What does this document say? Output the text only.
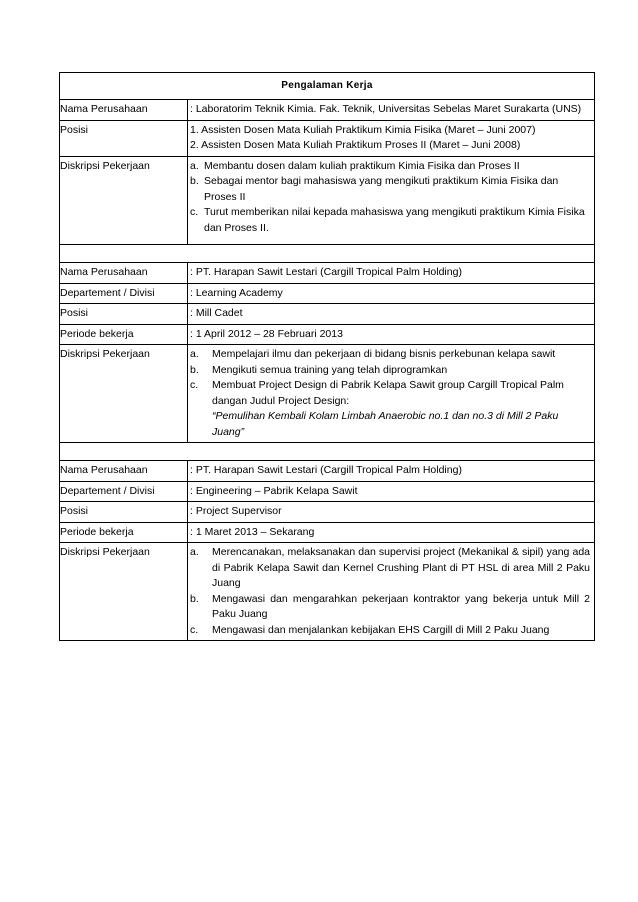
Pengalaman Kerja
Nama Perusahaan	: Laboratorim Teknik Kimia. Fak. Teknik, Universitas Sebelas Maret Surakarta (UNS)
Posisi	1. Assisten Dosen Mata Kuliah Praktikum Kimia Fisika (Maret – Juni 2007)
2. Assisten Dosen Mata Kuliah Praktikum Proses II (Maret – Juni 2008)
Diskripsi Pekerjaan	a. Membantu dosen dalam kuliah praktikum Kimia Fisika dan Proses II
b. Sebagai mentor bagi mahasiswa yang mengikuti praktikum Kimia Fisika dan Proses II
c. Turut memberikan nilai kepada mahasiswa yang mengikuti praktikum Kimia Fisika dan Proses II.
Nama Perusahaan	: PT. Harapan Sawit Lestari (Cargill Tropical Palm Holding)
Departement / Divisi	: Learning Academy
Posisi	: Mill Cadet
Periode bekerja	: 1 April 2012 – 28 Februari 2013
Diskripsi Pekerjaan	a.	Mempelajari ilmu dan pekerjaan di bidang bisnis perkebunan kelapa sawit
b.	Mengikuti semua training yang telah diprogramkan
c.	Membuat Project Design di Pabrik Kelapa Sawit group Cargill Tropical Palm dangan Judul Project Design:
“Pemulihan Kembali Kolam Limbah Anaerobic no.1 dan no.3 di Mill 2 Paku Juang”
Nama Perusahaan	: PT. Harapan Sawit Lestari (Cargill Tropical Palm Holding)
Departement / Divisi	: Engineering – Pabrik Kelapa Sawit
Posisi	: Project Supervisor
Periode bekerja	: 1 Maret 2013 – Sekarang
Diskripsi Pekerjaan	a.	Merencanakan, melaksanakan dan supervisi project (Mekanikal & sipil) yang ada di Pabrik Kelapa Sawit dan Kernel Crushing Plant di PT HSL di area Mill 2 Paku Juang
b.	Mengawasi dan mengarahkan pekerjaan kontraktor yang bekerja untuk Mill 2 Paku Juang
c.	Mengawasi dan menjalankan kebijakan EHS Cargill di Mill 2 Paku Juang
